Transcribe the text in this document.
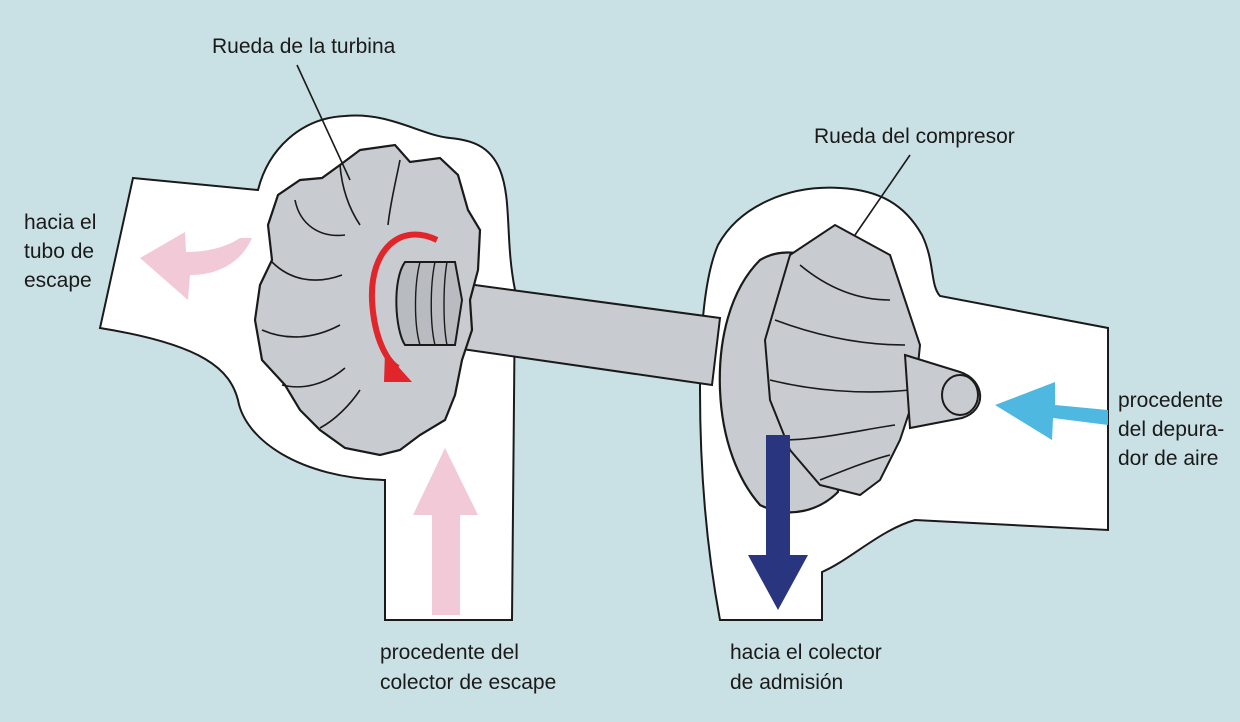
Rueda de la turbina
Rueda del compresor
hacia el
tubo de
escape
procedente
del depura-
dor de aire
procedente del
colector de escape
hacia el colector
de admisión
